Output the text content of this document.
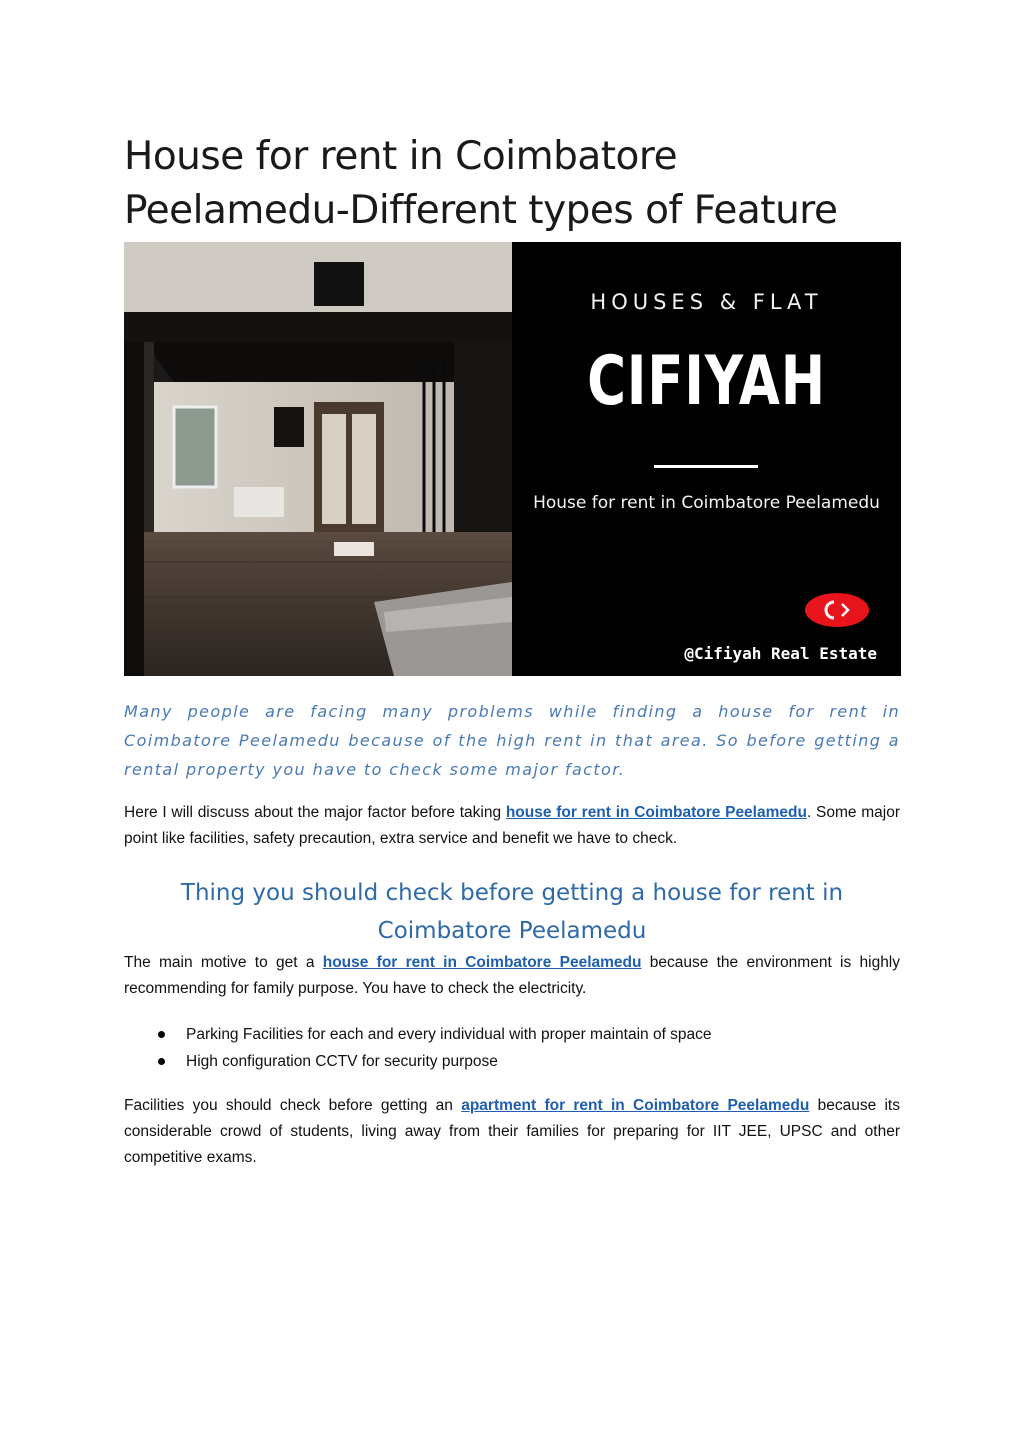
House for rent in Coimbatore Peelamedu-Different types of Feature
HOUSES & FLAT
CIFIYAH
House for rent in Coimbatore Peelamedu
@Cifiyah Real Estate

Many people are facing many problems while finding a house for rent in Coimbatore Peelamedu because of the high rent in that area. So before getting a rental property you have to check some major factor.

Here I will discuss about the major factor before taking house for rent in Coimbatore Peelamedu. Some major point like facilities, safety precaution, extra service and benefit we have to check.

Thing you should check before getting a house for rent in Coimbatore Peelamedu

The main motive to get a house for rent in Coimbatore Peelamedu because the environment is highly recommending for family purpose. You have to check the electricity.

Parking Facilities for each and every individual with proper maintain of space
High configuration CCTV for security purpose

Facilities you should check before getting an apartment for rent in Coimbatore Peelamedu because its considerable crowd of students, living away from their families for preparing for IIT JEE, UPSC and other competitive exams.
